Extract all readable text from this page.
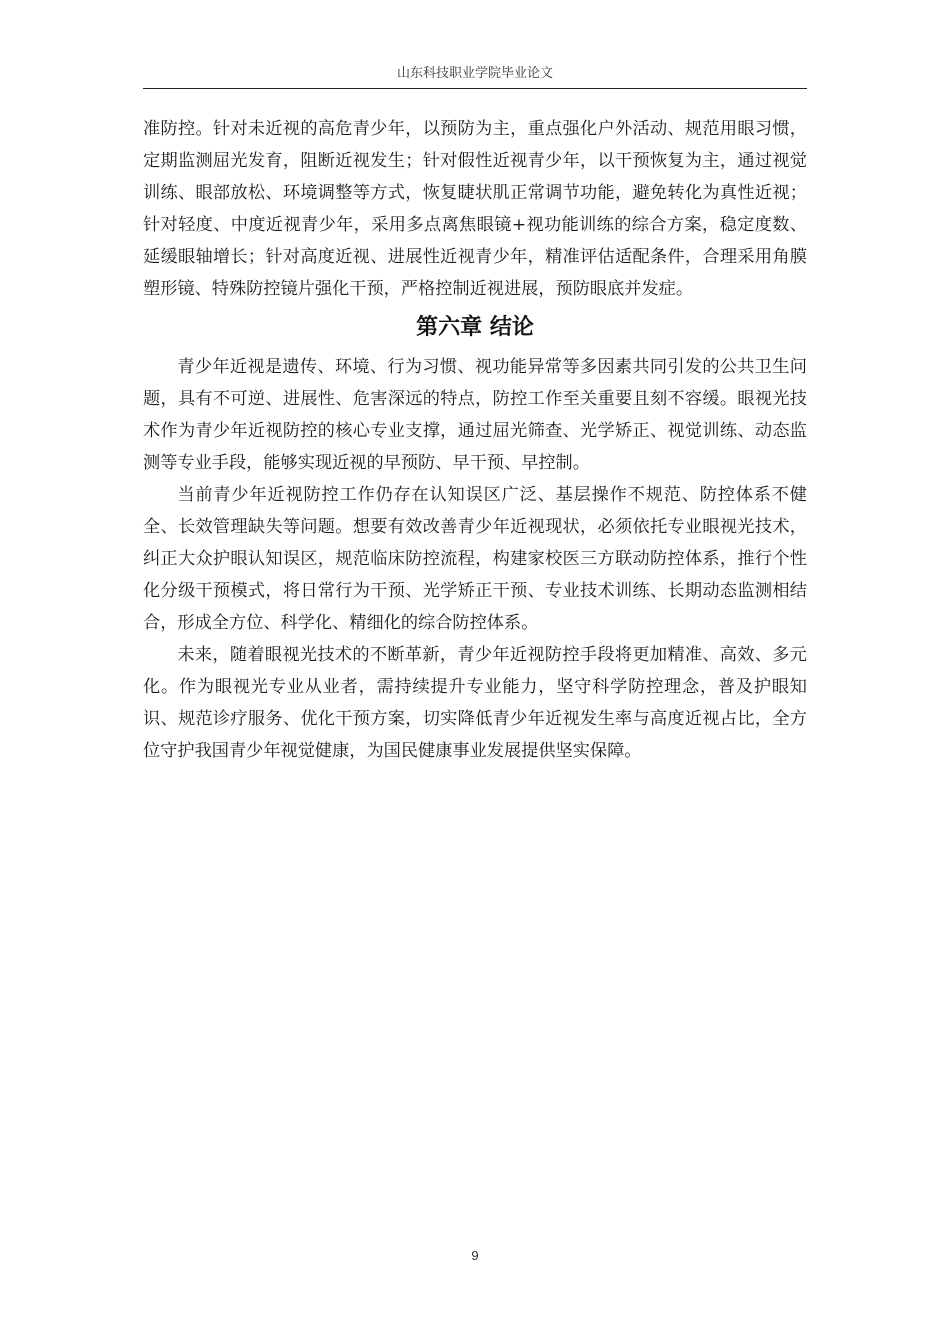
山东科技职业学院毕业论文

准防控。针对未近视的高危青少年，以预防为主，重点强化户外活动、规范用眼习惯，定期监测屈光发育，阻断近视发生；针对假性近视青少年，以干预恢复为主，通过视觉训练、眼部放松、环境调整等方式，恢复睫状肌正常调节功能，避免转化为真性近视；针对轻度、中度近视青少年，采用多点离焦眼镜+视功能训练的综合方案，稳定度数、延缓眼轴增长；针对高度近视、进展性近视青少年，精准评估适配条件，合理采用角膜塑形镜、特殊防控镜片强化干预，严格控制近视进展，预防眼底并发症。

第六章 结论

青少年近视是遗传、环境、行为习惯、视功能异常等多因素共同引发的公共卫生问题，具有不可逆、进展性、危害深远的特点，防控工作至关重要且刻不容缓。眼视光技术作为青少年近视防控的核心专业支撑，通过屈光筛查、光学矫正、视觉训练、动态监测等专业手段，能够实现近视的早预防、早干预、早控制。

当前青少年近视防控工作仍存在认知误区广泛、基层操作不规范、防控体系不健全、长效管理缺失等问题。想要有效改善青少年近视现状，必须依托专业眼视光技术，纠正大众护眼认知误区，规范临床防控流程，构建家校医三方联动防控体系，推行个性化分级干预模式，将日常行为干预、光学矫正干预、专业技术训练、长期动态监测相结合，形成全方位、科学化、精细化的综合防控体系。

未来，随着眼视光技术的不断革新，青少年近视防控手段将更加精准、高效、多元化。作为眼视光专业从业者，需持续提升专业能力，坚守科学防控理念，普及护眼知识、规范诊疗服务、优化干预方案，切实降低青少年近视发生率与高度近视占比，全方位守护我国青少年视觉健康，为国民健康事业发展提供坚实保障。

9
